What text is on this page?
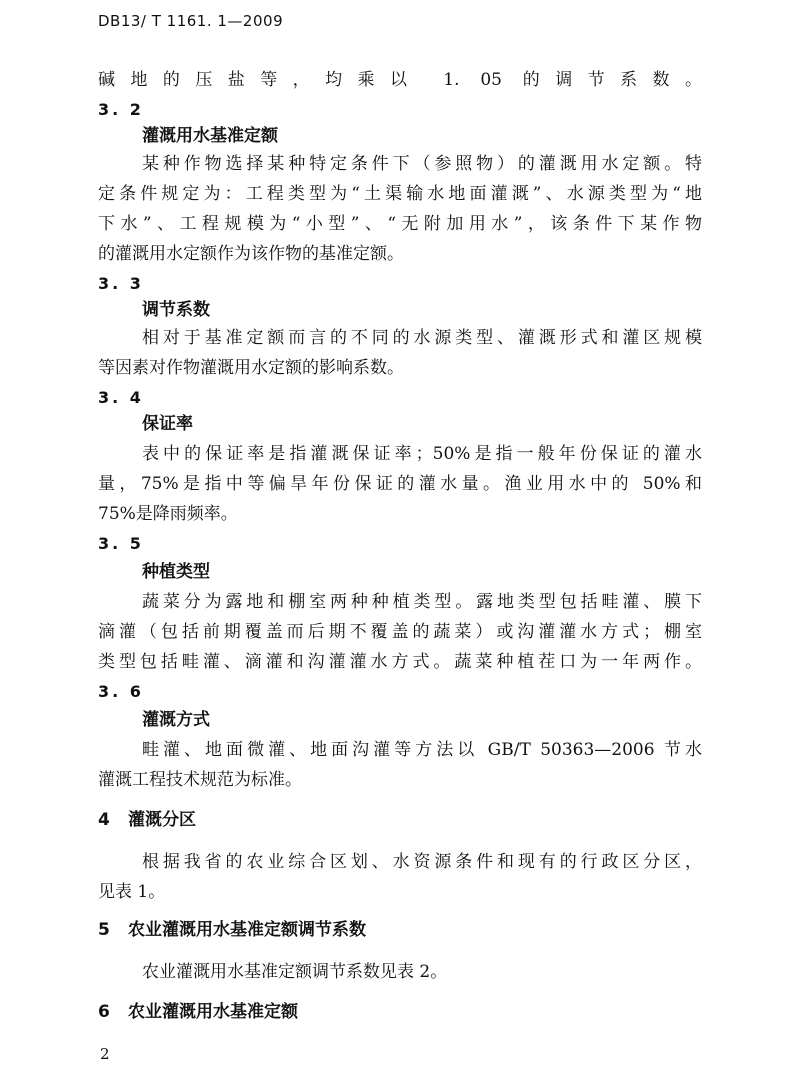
DB13/ T 1161. 1—2009
碱地的压盐等，均乘以 1. 05 的调节系数。
3. 2
灌溉用水基准定额
某种作物选择某种特定条件下（参照物）的灌溉用水定额。特
定条件规定为：工程类型为“土渠输水地面灌溉”、水源类型为“地
下水”、工程规模为“小型”、“无附加用水”，该条件下某作物
的灌溉用水定额作为该作物的基准定额。
3. 3
调节系数
相对于基准定额而言的不同的水源类型、灌溉形式和灌区规模
等因素对作物灌溉用水定额的影响系数。
3. 4
保证率
表中的保证率是指灌溉保证率；50%是指一般年份保证的灌水
量，75%是指中等偏旱年份保证的灌水量。渔业用水中的 50%和
75%是降雨频率。
3. 5
种植类型
蔬菜分为露地和棚室两种种植类型。露地类型包括畦灌、膜下
滴灌（包括前期覆盖而后期不覆盖的蔬菜）或沟灌灌水方式；棚室
类型包括畦灌、滴灌和沟灌灌水方式。蔬菜种植茬口为一年两作。
3. 6
灌溉方式
畦灌、地面微灌、地面沟灌等方法以 GB/T 50363—2006 节水
灌溉工程技术规范为标准。
4 灌溉分区
根据我省的农业综合区划、水资源条件和现有的行政区分区，
见表 1。
5 农业灌溉用水基准定额调节系数
农业灌溉用水基准定额调节系数见表 2。
6 农业灌溉用水基准定额
2
